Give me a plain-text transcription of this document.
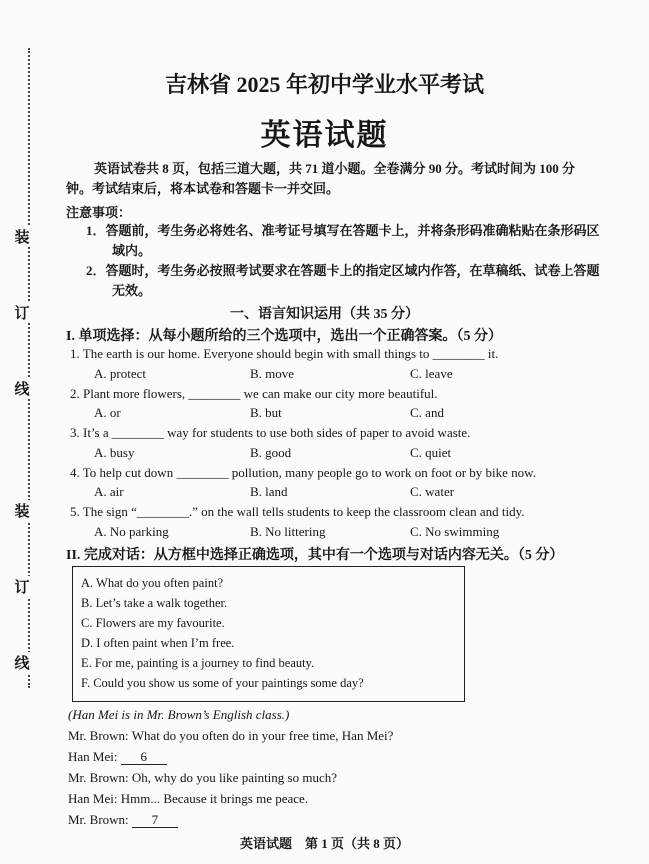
装
订
线
装
订
线
吉林省 2025 年初中学业水平考试
英语试题
英语试卷共 8 页，包括三道大题，共 71 道小题。全卷满分 90 分。考试时间为 100 分钟。考试结束后，将本试卷和答题卡一并交回。
注意事项：
1．答题前，考生务必将姓名、准考证号填写在答题卡上，并将条形码准确粘贴在条形码区域内。
2．答题时，考生务必按照考试要求在答题卡上的指定区域内作答，在草稿纸、试卷上答题无效。
一、语言知识运用（共 35 分）
I. 单项选择：从每小题所给的三个选项中，选出一个正确答案。（5 分）
1. The earth is our home. Everyone should begin with small things to ________ it.
A. protect	B. move	C. leave
2. Plant more flowers, ________ we can make our city more beautiful.
A. or	B. but	C. and
3. It’s a ________ way for students to use both sides of paper to avoid waste.
A. busy	B. good	C. quiet
4. To help cut down ________ pollution, many people go to work on foot or by bike now.
A. air	B. land	C. water
5. The sign “________.” on the wall tells students to keep the classroom clean and tidy.
A. No parking	B. No littering	C. No swimming
II. 完成对话：从方框中选择正确选项，其中有一个选项与对话内容无关。（5 分）
A. What do you often paint?
B. Let’s take a walk together.
C. Flowers are my favourite.
D. I often paint when I’m free.
E. For me, painting is a journey to find beauty.
F. Could you show us some of your paintings some day?
(Han Mei is in Mr. Brown’s English class.)
Mr. Brown: What do you often do in your free time, Han Mei?
Han Mei: 6
Mr. Brown: Oh, why do you like painting so much?
Han Mei: Hmm... Because it brings me peace.
Mr. Brown: 7
英语试题　第 1 页（共 8 页）
